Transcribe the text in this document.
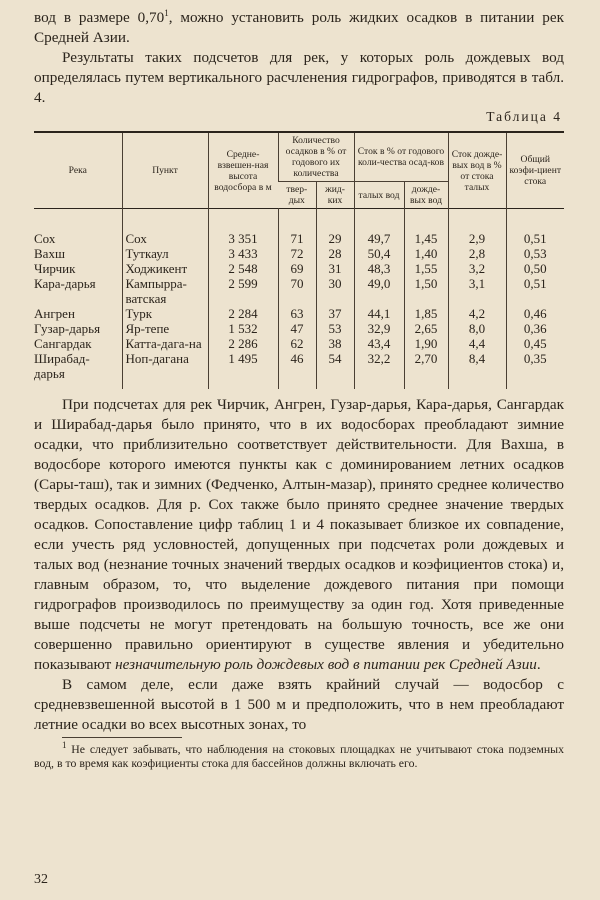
вод в размере 0,70$^1$, можно установить роль жидких осадков в питании рек Средней Азии.

Результаты таких подсчетов для рек, у которых роль дождевых вод определялась путем вертикального расчленения гидрографов, приводятся в табл. 4.

Таблица 4
Река	Пункт	Средне-взвешен-ная высота водосбора в м	Количество осадков в % от годового их количества		Сток в % от годового коли-чества осад-ков		Сток дожде-вых вод в % от стока талых	Общий коэфи-циент стока
			твер-дых	жид-ких	талых вод	дожде-вых вод		
Сох	Сох	3 351	71	29	49,7	1,45	2,9	0,51
Вахш	Туткаул	3 433	72	28	50,4	1,40	2,8	0,53
Чирчик	Ходжикент	2 548	69	31	48,3	1,55	3,2	0,50
Кара-дарья	Кампырра-ватская	2 599	70	30	49,0	1,50	3,1	0,51
Ангрен	Турк	2 284	63	37	44,1	1,85	4,2	0,46
Гузар-дарья	Яр-тепе	1 532	47	53	32,9	2,65	8,0	0,36
Сангардак	Катта-дага-на	2 286	62	38	43,4	1,90	4,4	0,45
Ширабад-дарья	Ноп-дагана	1 495	46	54	32,2	2,70	8,4	0,35

При подсчетах для рек Чирчик, Ангрен, Гузар-дарья, Кара-дарья, Сангардак и Ширабад-дарья было принято, что в их водосборах преобладают зимние осадки, что приблизительно соответствует действительности. Для Вахша, в водосборе которого имеются пункты как с доминированием летних осадков (Сары-таш), так и зимних (Федченко, Алтын-мазар), принято среднее количество твердых осадков. Для р. Сох также было принято среднее значение твердых осадков. Сопоставление цифр таблиц 1 и 4 показывает близкое их совпадение, если учесть ряд условностей, допущенных при подсчетах роли дождевых и талых вод (незнание точных значений твердых осадков и коэфициентов стока) и, главным образом, то, что выделение дождевого питания при помощи гидрографов производилось по преимуществу за один год. Хотя приведенные выше подсчеты не могут претендовать на большую точность, все же они совершенно правильно ориентируют в существе явления и убедительно показывают незначительную роль дождевых вод в питании рек Средней Азии.

В самом деле, если даже взять крайний случай — водосбор с средневзвешенной высотой в 1 500 м и предположить, что в нем преобладают летние осадки во всех высотных зонах, то

$^1$ Не следует забывать, что наблюдения на стоковых площадках не учитывают стока подземных вод, в то время как коэфициенты стока для бассейнов должны включать его.

32
